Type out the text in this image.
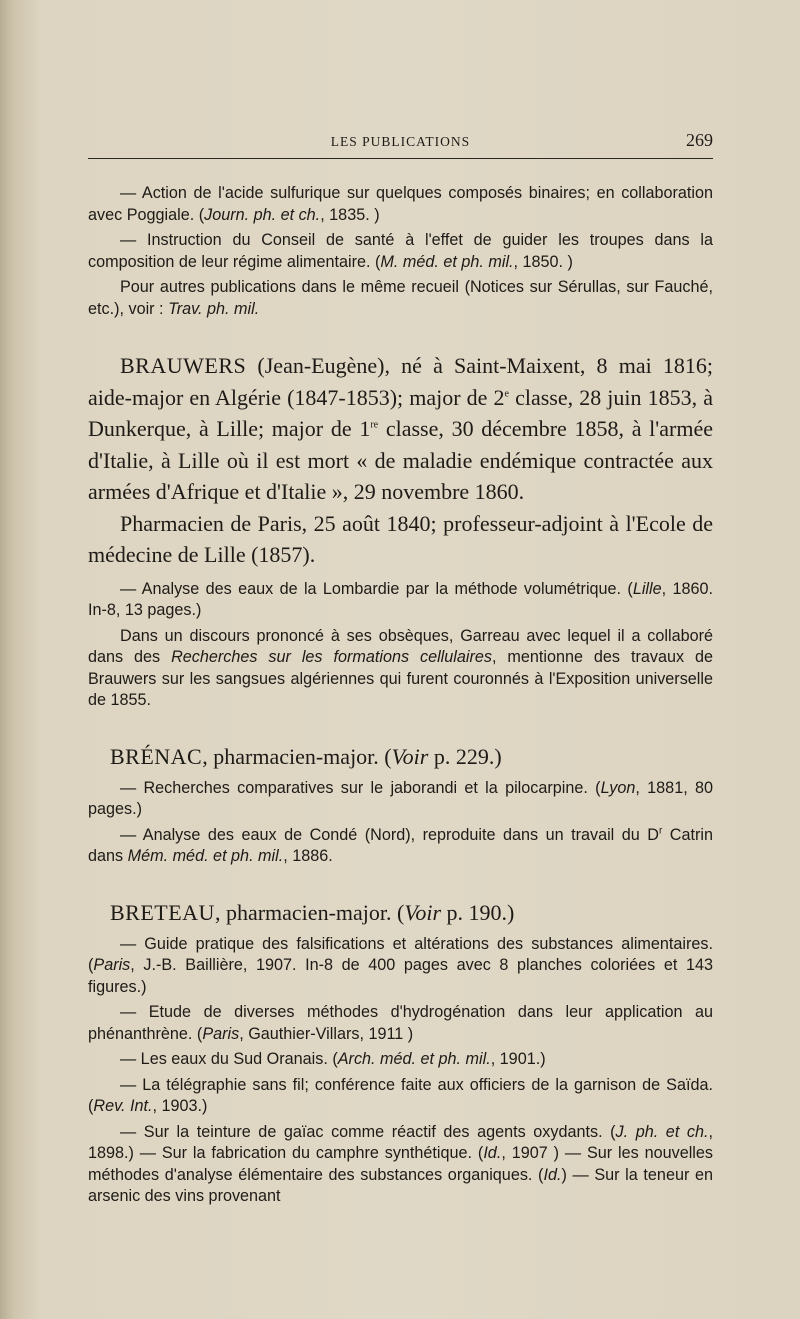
LES PUBLICATIONS	269

— Action de l'acide sulfurique sur quelques composés binaires; en collaboration avec Poggiale. (Journ. ph. et ch., 1835. )

— Instruction du Conseil de santé à l'effet de guider les troupes dans la composition de leur régime alimentaire. (M. méd. et ph. mil., 1850. )

Pour autres publications dans le même recueil (Notices sur Sérullas, sur Fauché, etc.), voir : Trav. ph. mil.

BRAUWERS (Jean-Eugène), né à Saint-Maixent, 8 mai 1816; aide-major en Algérie (1847-1853); major de 2e classe, 28 juin 1853, à Dunkerque, à Lille; major de 1re classe, 30 décembre 1858, à l'armée d'Italie, à Lille où il est mort « de maladie endémique contractée aux armées d'Afrique et d'Italie », 29 novembre 1860.

Pharmacien de Paris, 25 août 1840; professeur-adjoint à l'Ecole de médecine de Lille (1857).

— Analyse des eaux de la Lombardie par la méthode volumétrique. (Lille, 1860. In-8, 13 pages.)

Dans un discours prononcé à ses obsèques, Garreau avec lequel il a collaboré dans des Recherches sur les formations cellulaires, mentionne des travaux de Brauwers sur les sangsues algériennes qui furent couronnés à l'Exposition universelle de 1855.

BRÉNAC, pharmacien-major. (Voir p. 229.)

— Recherches comparatives sur le jaborandi et la pilocarpine. (Lyon, 1881, 80 pages.)

— Analyse des eaux de Condé (Nord), reproduite dans un travail du $D^r$ Catrin dans Mém. méd. et ph. mil., 1886.

BRETEAU, pharmacien-major. (Voir p. 190.)

— Guide pratique des falsifications et altérations des substances alimentaires. (Paris, J.-B. Baillière, 1907. In-8 de 400 pages avec 8 planches coloriées et 143 figures.)

— Etude de diverses méthodes d'hydrogénation dans leur application au phénanthrène. (Paris, Gauthier-Villars, 1911 )

— Les eaux du Sud Oranais. (Arch. méd. et ph. mil., 1901.)

— La télégraphie sans fil; conférence faite aux officiers de la garnison de Saïda. (Rev. Int., 1903.)

— Sur la teinture de gaïac comme réactif des agents oxydants. (J. ph. et ch., 1898.) — Sur la fabrication du camphre synthétique. (Id., 1907 ) — Sur les nouvelles méthodes d'analyse élémentaire des substances organiques. (Id.) — Sur la teneur en arsenic des vins provenant
